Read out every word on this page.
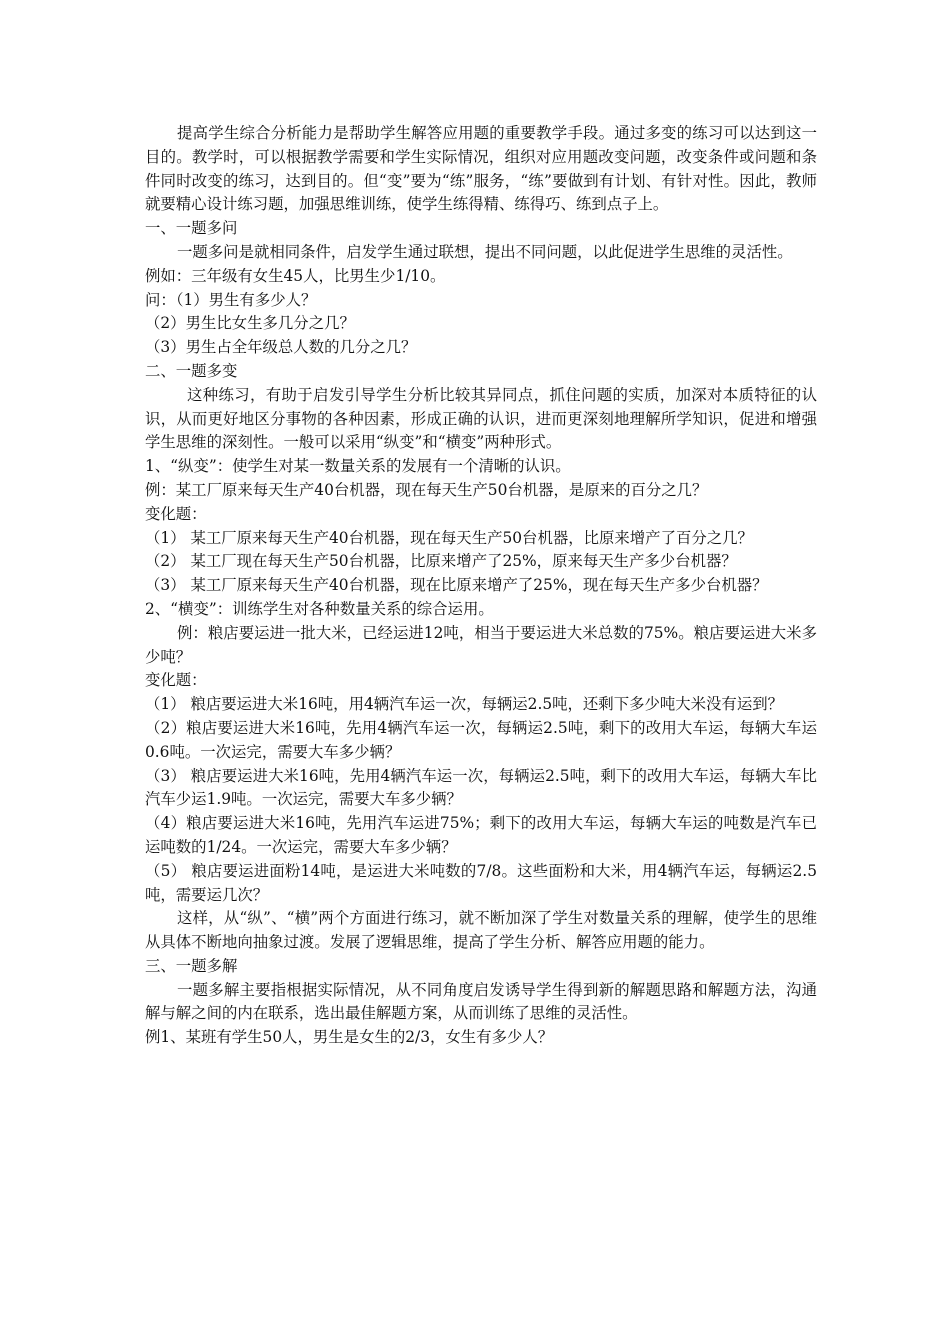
提高学生综合分析能力是帮助学生解答应用题的重要教学手段。通过多变的练习可以达到这一目的。教学时，可以根据教学需要和学生实际情况，组织对应用题改变问题，改变条件或问题和条件同时改变的练习，达到目的。但“变”要为“练”服务，“练”要做到有计划、有针对性。因此，教师就要精心设计练习题，加强思维训练，使学生练得精、练得巧、练到点子上。

一、一题多问

一题多问是就相同条件，启发学生通过联想，提出不同问题，以此促进学生思维的灵活性。

例如：三年级有女生45人，比男生少1/10。

问：（1）男生有多少人？

（2）男生比女生多几分之几？

（3）男生占全年级总人数的几分之几？

二、一题多变

这种练习，有助于启发引导学生分析比较其异同点，抓住问题的实质，加深对本质特征的认识，从而更好地区分事物的各种因素，形成正确的认识，进而更深刻地理解所学知识，促进和增强学生思维的深刻性。一般可以采用“纵变”和“横变”两种形式。

1、“纵变”：使学生对某一数量关系的发展有一个清晰的认识。

例：某工厂原来每天生产40台机器，现在每天生产50台机器，是原来的百分之几？

变化题：

（1） 某工厂原来每天生产40台机器，现在每天生产50台机器，比原来增产了百分之几？

（2） 某工厂现在每天生产50台机器，比原来增产了25%，原来每天生产多少台机器？

（3） 某工厂原来每天生产40台机器，现在比原来增产了25%，现在每天生产多少台机器？

2、“横变”：训练学生对各种数量关系的综合运用。

例：粮店要运进一批大米，已经运进12吨，相当于要运进大米总数的75%。粮店要运进大米多少吨？

变化题：

（1） 粮店要运进大米16吨，用4辆汽车运一次，每辆运2.5吨，还剩下多少吨大米没有运到？

（2）粮店要运进大米16吨，先用4辆汽车运一次，每辆运2.5吨，剩下的改用大车运，每辆大车运0.6吨。一次运完，需要大车多少辆？

（3） 粮店要运进大米16吨，先用4辆汽车运一次，每辆运2.5吨，剩下的改用大车运，每辆大车比汽车少运1.9吨。一次运完，需要大车多少辆？

（4）粮店要运进大米16吨，先用汽车运进75%；剩下的改用大车运，每辆大车运的吨数是汽车已运吨数的1/24。一次运完，需要大车多少辆？

（5） 粮店要运进面粉14吨，是运进大米吨数的7/8。这些面粉和大米，用4辆汽车运，每辆运2.5吨，需要运几次？

这样，从“纵”、“横”两个方面进行练习，就不断加深了学生对数量关系的理解，使学生的思维从具体不断地向抽象过渡。发展了逻辑思维，提高了学生分析、解答应用题的能力。

三、一题多解

一题多解主要指根据实际情况，从不同角度启发诱导学生得到新的解题思路和解题方法，沟通解与解之间的内在联系，选出最佳解题方案，从而训练了思维的灵活性。

例1、某班有学生50人，男生是女生的2/3，女生有多少人？
